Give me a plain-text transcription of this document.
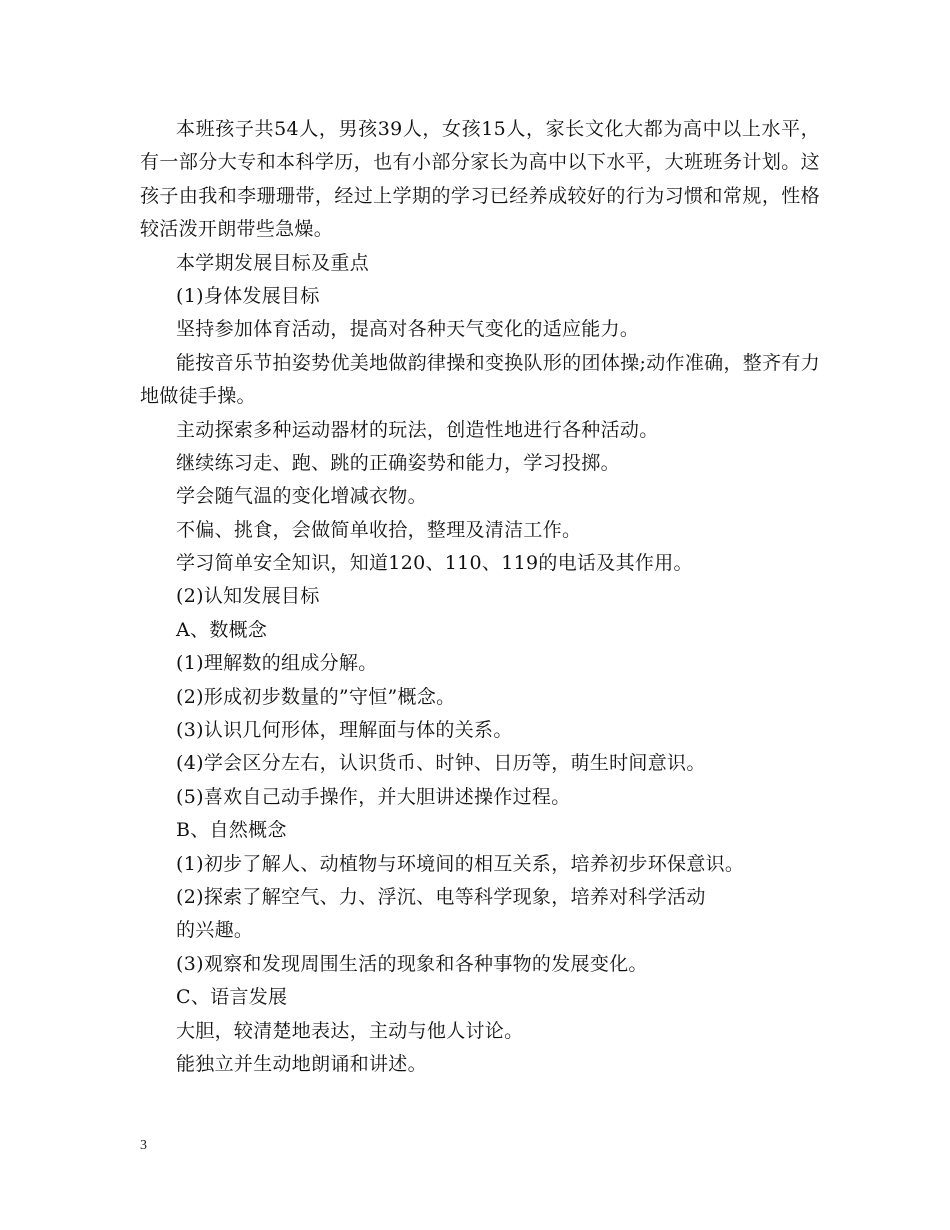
本班孩子共54人，男孩39人，女孩15人，家长文化大都为高中以上水平，
有一部分大专和本科学历，也有小部分家长为高中以下水平，大班班务计划。这
孩子由我和李珊珊带，经过上学期的学习已经养成较好的行为习惯和常规，性格
较活泼开朗带些急燥。
本学期发展目标及重点
(1)身体发展目标
坚持参加体育活动，提高对各种天气变化的适应能力。
能按音乐节拍姿势优美地做韵律操和变换队形的团体操;动作准确，整齐有力
地做徒手操。
主动探索多种运动器材的玩法，创造性地进行各种活动。
继续练习走、跑、跳的正确姿势和能力，学习投掷。
学会随气温的变化增减衣物。
不偏、挑食，会做简单收拾，整理及清洁工作。
学习简单安全知识，知道120、110、119的电话及其作用。
(2)认知发展目标
A、数概念
(1)理解数的组成分解。
(2)形成初步数量的”守恒”概念。
(3)认识几何形体，理解面与体的关系。
(4)学会区分左右，认识货币、时钟、日历等，萌生时间意识。
(5)喜欢自己动手操作，并大胆讲述操作过程。
B、自然概念
(1)初步了解人、动植物与环境间的相互关系，培养初步环保意识。
(2)探索了解空气、力、浮沉、电等科学现象，培养对科学活动
的兴趣。
(3)观察和发现周围生活的现象和各种事物的发展变化。
C、语言发展
大胆，较清楚地表达，主动与他人讨论。
能独立并生动地朗诵和讲述。
3
